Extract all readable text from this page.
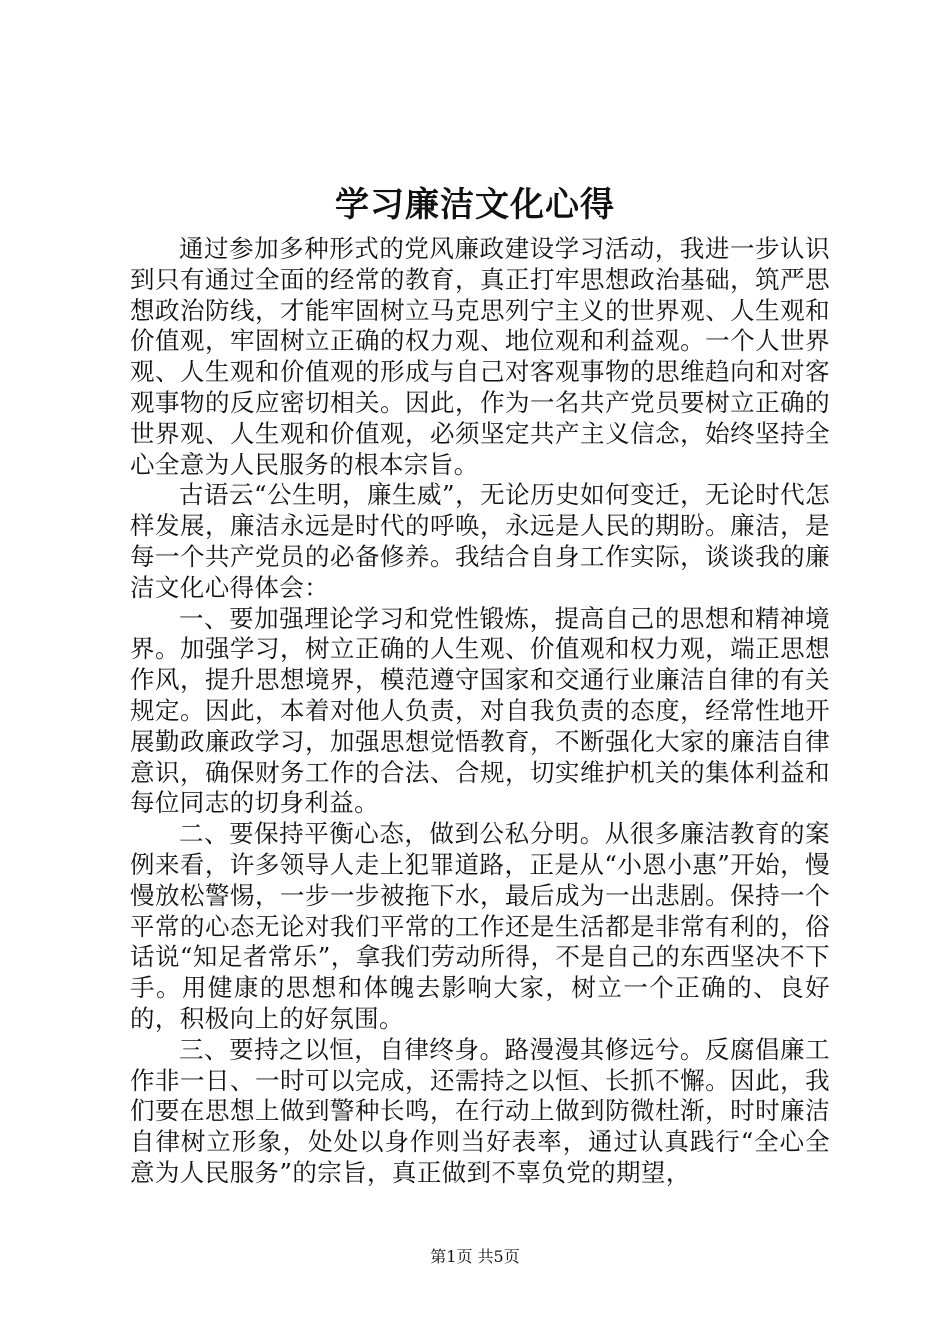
学习廉洁文化心得

通过参加多种形式的党风廉政建设学习活动，我进一步认识到只有通过全面的经常的教育，真正打牢思想政治基础，筑严思想政治防线，才能牢固树立马克思列宁主义的世界观、人生观和价值观，牢固树立正确的权力观、地位观和利益观。一个人世界观、人生观和价值观的形成与自己对客观事物的思维趋向和对客观事物的反应密切相关。因此，作为一名共产党员要树立正确的世界观、人生观和价值观，必须坚定共产主义信念，始终坚持全心全意为人民服务的根本宗旨。

古语云“公生明，廉生威”，无论历史如何变迁，无论时代怎样发展，廉洁永远是时代的呼唤，永远是人民的期盼。廉洁，是每一个共产党员的必备修养。我结合自身工作实际，谈谈我的廉洁文化心得体会：

一、要加强理论学习和党性锻炼，提高自己的思想和精神境界。加强学习，树立正确的人生观、价值观和权力观，端正思想作风，提升思想境界，模范遵守国家和交通行业廉洁自律的有关规定。因此，本着对他人负责，对自我负责的态度，经常性地开展勤政廉政学习，加强思想觉悟教育，不断强化大家的廉洁自律意识，确保财务工作的合法、合规，切实维护机关的集体利益和每位同志的切身利益。

二、要保持平衡心态，做到公私分明。从很多廉洁教育的案例来看，许多领导人走上犯罪道路，正是从“小恩小惠”开始，慢慢放松警惕，一步一步被拖下水，最后成为一出悲剧。保持一个平常的心态无论对我们平常的工作还是生活都是非常有利的，俗话说“知足者常乐”，拿我们劳动所得，不是自己的东西坚决不下手。用健康的思想和体魄去影响大家，树立一个正确的、良好的，积极向上的好氛围。

三、要持之以恒，自律终身。路漫漫其修远兮。反腐倡廉工作非一日、一时可以完成，还需持之以恒、长抓不懈。因此，我们要在思想上做到警种长鸣，在行动上做到防微杜渐，时时廉洁自律树立形象，处处以身作则当好表率，通过认真践行“全心全意为人民服务”的宗旨，真正做到不辜负党的期望，

第1页 共5页
